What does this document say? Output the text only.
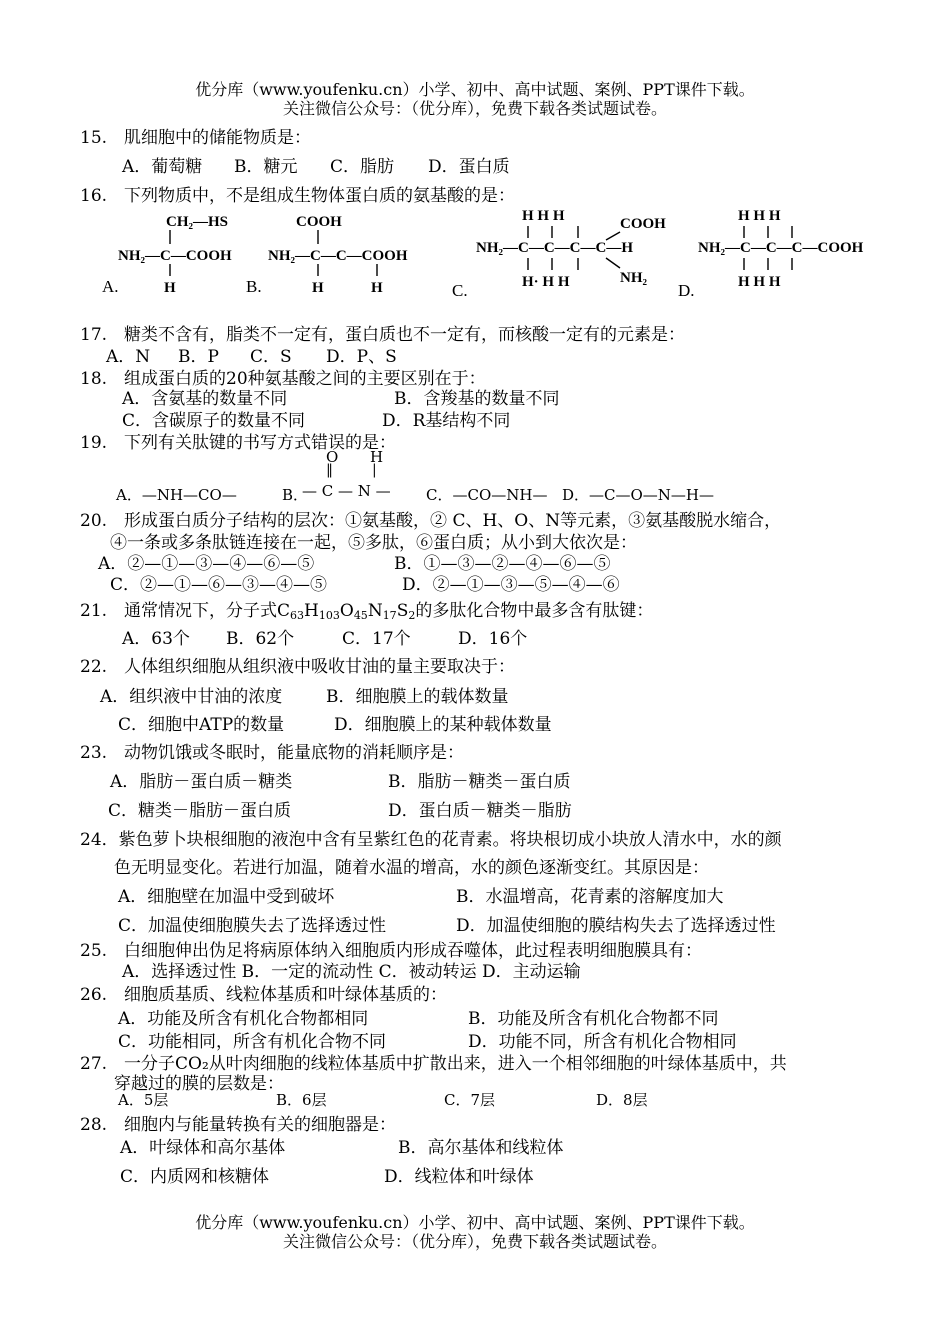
优分库（www.youfenku.cn）小学、初中、高中试题、案例、PPT课件下载。
关注微信公众号：（优分库），免费下载各类试题试卷。
15.　肌细胞中的储能物质是：
A．葡萄糖 B．糖元 C．脂肪 D．蛋白质
16.　下列物质中，不是组成生物体蛋白质的氨基酸的是：
A.
CH₂—HS
NH₂—C—COOH
H	B.
COOH
NH₂—C—C—COOH
H	H	C.
H H H	COOH
NH₂—C—C—C—C—H
H· H H	NH₂
D.
H H H
NH₂—C—C—C—COOH
H H H
17.　糖类不含有，脂类不一定有，蛋白质也不一定有，而核酸一定有的元素是：
A．N B．P C．S D．P、S
18.　组成蛋白质的20种氨基酸之间的主要区别在于：
A．含氨基的数量不同	B．含羧基的数量不同
C．含碳原子的数量不同	D．R基结构不同
19.　下列有关肽键的书写方式错误的是：
A．—NH—CO—	B．
O H
‖	|
— C — N — C．—CO—NH— D．—C—O—N—H—
20.　形成蛋白质分子结构的层次：①氨基酸，② C、H、O、N等元素，③氨基酸脱水缩合，
④一条或多条肽链连接在一起，⑤多肽，⑥蛋白质；从小到大依次是：
A．②—①—③—④—⑥—⑤	B．①—③—②—④—⑥—⑤
C．②—①—⑥—③—④—⑤	D．②—①—③—⑤—④—⑥
21.　通常情况下，分子式$C_{63}H_{103}O_{45}N_{17}S_2$的多肽化合物中最多含有肽键：
A．63个 B．62个	C．17个	D．16个
22.　人体组织细胞从组织液中吸收甘油的量主要取决于：
A．组织液中甘油的浓度	B．细胞膜上的载体数量
C．细胞中ATP的数量	D．细胞膜上的某种载体数量
23.　动物饥饿或冬眠时，能量底物的消耗顺序是：
A．脂肪－蛋白质－糖类	B．脂肪－糖类－蛋白质
C．糖类－脂肪－蛋白质	D．蛋白质－糖类－脂肪
24．紫色萝卜块根细胞的液泡中含有呈紫红色的花青素。将块根切成小块放人清水中，水的颜
色无明显变化。若进行加温，随着水温的增高，水的颜色逐渐变红。其原因是：
A．细胞壁在加温中受到破坏	B．水温增高，花青素的溶解度加大
C．加温使细胞膜失去了选择透过性	D．加温使细胞的膜结构失去了选择透过性
25.　白细胞伸出伪足将病原体纳入细胞质内形成吞噬体，此过程表明细胞膜具有：
A．选择透过性 B．一定的流动性 C．被动转运 D．主动运输
26.　细胞质基质、线粒体基质和叶绿体基质的：
A．功能及所含有机化合物都相同	B．功能及所含有机化合物都不同
C．功能相同，所含有机化合物不同	D．功能不同，所含有机化合物相同
27.　一分子CO₂从叶肉细胞的线粒体基质中扩散出来，进入一个相邻细胞的叶绿体基质中，共
穿越过的膜的层数是：
A．5层	B．6层	C．7层	D．8层
28.　细胞内与能量转换有关的细胞器是：
A．叶绿体和高尔基体	B．高尔基体和线粒体
C．内质网和核糖体	D．线粒体和叶绿体
优分库（www.youfenku.cn）小学、初中、高中试题、案例、PPT课件下载。
关注微信公众号：（优分库），免费下载各类试题试卷。
